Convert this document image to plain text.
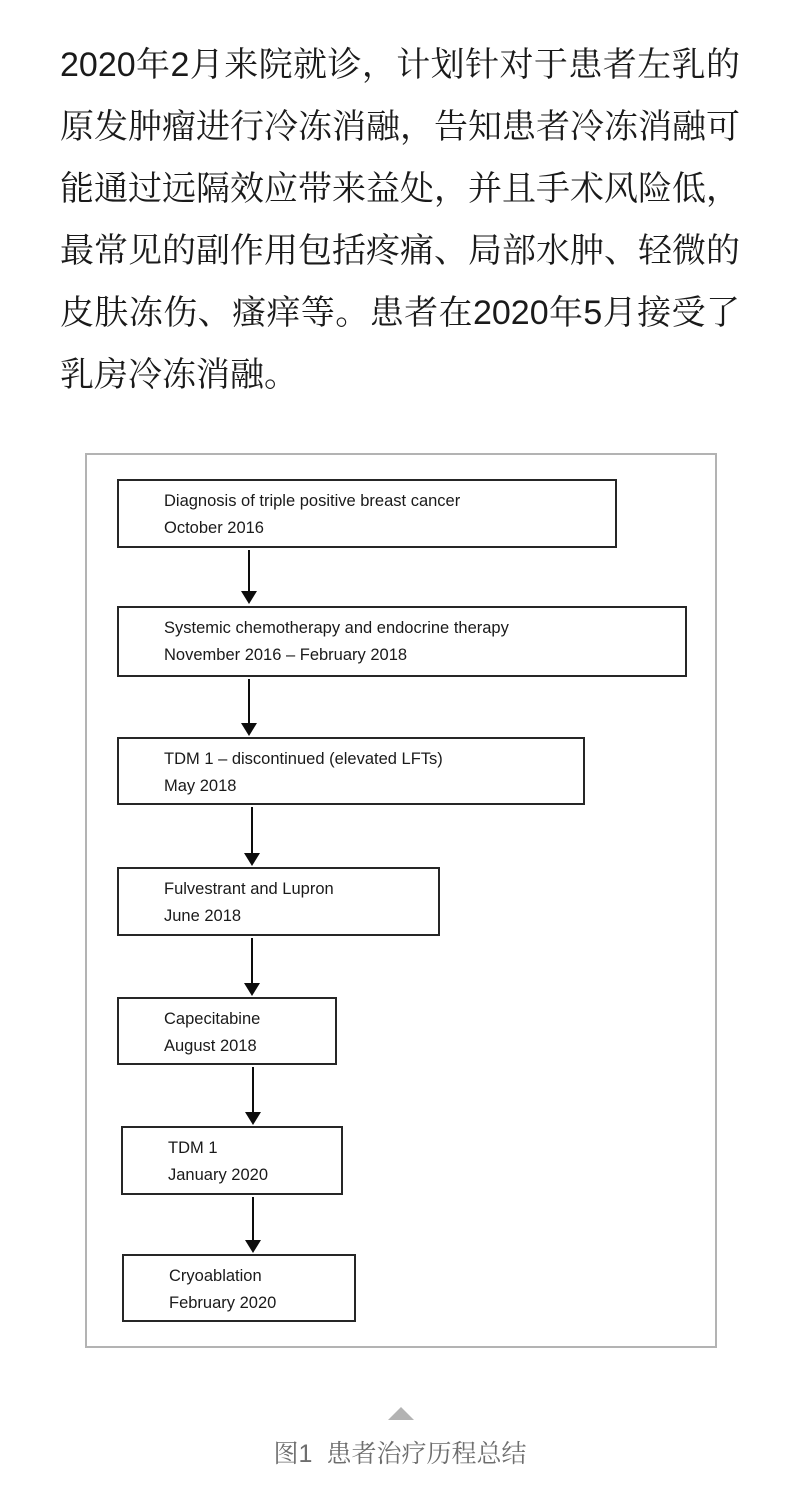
2020年2月来院就诊，计划针对于患者左乳的
原发肿瘤进行冷冻消融，告知患者冷冻消融可
能通过远隔效应带来益处，并且手术风险低，
最常见的副作用包括疼痛、局部水肿、轻微的
皮肤冻伤、瘙痒等。患者在2020年5月接受了
乳房冷冻消融。
Diagnosis of triple positive breast cancer
October 2016
Systemic chemotherapy and endocrine therapy
November 2016 – February 2018
TDM 1 – discontinued (elevated LFTs)
May 2018
Fulvestrant and Lupron
June 2018
Capecitabine
August 2018
TDM 1
January 2020
Cryoablation
February 2020
图1 患者治疗历程总结
